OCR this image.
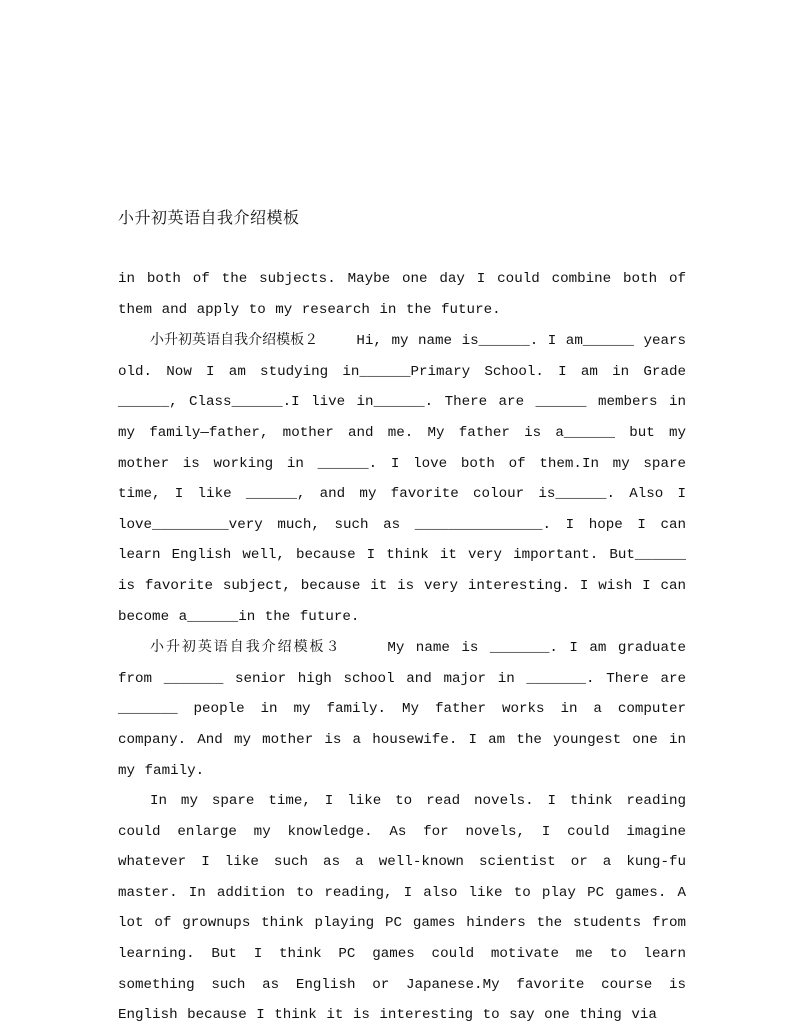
小升初英语自我介绍模板

in both of the subjects. Maybe one day I could combine both of them and apply to my research in the future.

小升初英语自我介绍模板２	Hi, my name is______. I am______ years old. Now I am studying in______Primary School. I am in Grade ______, Class______.I live in______. There are ______ members in my family—father, mother and me. My father is a______ but my mother is working in ______. I love both of them.In my spare time, I like ______, and my favorite colour is______. Also I love_________very much, such as _______________. I hope I can learn English well, because I think it very important. But______ is favorite subject, because it is very interesting. I wish I can become a______in the future.

小升初英语自我介绍模板３	My name is _______. I am graduate from _______ senior high school and major in _______. There are _______ people in my family. My father works in a computer company. And my mother is a housewife. I am the youngest one in my family.

In my spare time, I like to read novels. I think reading could enlarge my knowledge. As for novels, I could imagine whatever I like such as a well-known scientist or a kung-fu master. In addition to reading, I also like to play PC games. A lot of grownups think playing PC games hinders the students from learning. But I think PC games could motivate me to learn something such as English or Japanese.My favorite course is English because I think it is interesting to say one thing via
